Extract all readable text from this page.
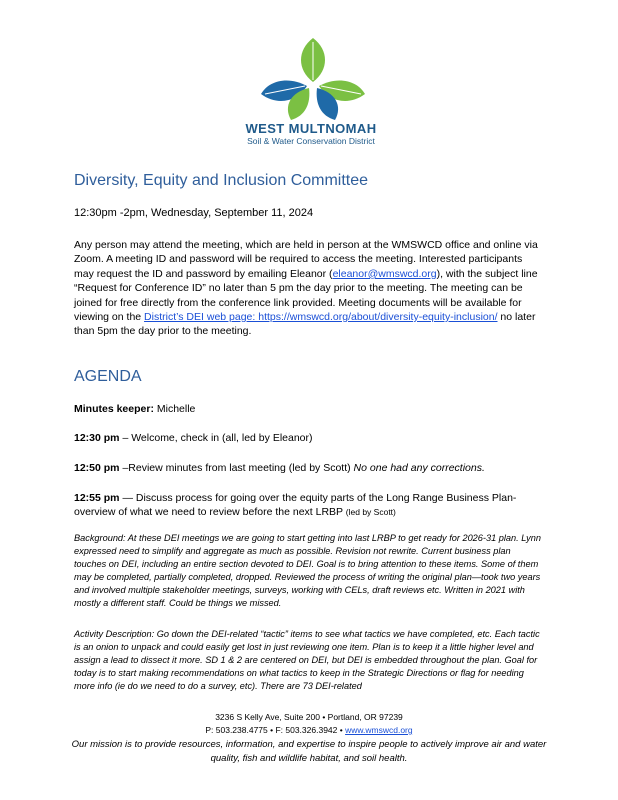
WEST MULTNOMAH
Soil & Water Conservation District
Diversity, Equity and Inclusion Committee
12:30pm -2pm, Wednesday, September 11, 2024
Any person may attend the meeting, which are held in person at the WMSWCD office and online via Zoom. A meeting ID and password will be required to access the meeting. Interested participants may request the ID and password by emailing Eleanor (eleanor@wmswcd.org), with the subject line “Request for Conference ID” no later than 5 pm the day prior to the meeting. The meeting can be joined for free directly from the conference link provided. Meeting documents will be available for viewing on the District’s DEI web page: https://wmswcd.org/about/diversity-equity-inclusion/ no later than 5pm the day prior to the meeting.
AGENDA
Minutes keeper: Michelle
12:30 pm – Welcome, check in (all, led by Eleanor)
12:50 pm –Review minutes from last meeting (led by Scott) No one had any corrections.
12:55 pm — Discuss process for going over the equity parts of the Long Range Business Plan- overview of what we need to review before the next LRBP (led by Scott)
Background: At these DEI meetings we are going to start getting into last LRBP to get ready for 2026-31 plan. Lynn expressed need to simplify and aggregate as much as possible. Revision not rewrite. Current business plan touches on DEI, including an entire section devoted to DEI. Goal is to bring attention to these items. Some of them may be completed, partially completed, dropped. Reviewed the process of writing the original plan—took two years and involved multiple stakeholder meetings, surveys, working with CELs, draft reviews etc. Written in 2021 with mostly a different staff. Could be things we missed.
Activity Description: Go down the DEI-related “tactic” items to see what tactics we have completed, etc. Each tactic is an onion to unpack and could easily get lost in just reviewing one item. Plan is to keep it a little higher level and assign a lead to dissect it more. SD 1 & 2 are centered on DEI, but DEI is embedded throughout the plan. Goal for today is to start making recommendations on what tactics to keep in the Strategic Directions or flag for needing more info (ie do we need to do a survey, etc). There are 73 DEI-related
3236 S Kelly Ave, Suite 200 • Portland, OR 97239
P: 503.238.4775 • F: 503.326.3942 • www.wmswcd.org
Our mission is to provide resources, information, and expertise to inspire people to actively improve air and water quality, fish and wildlife habitat, and soil health.
